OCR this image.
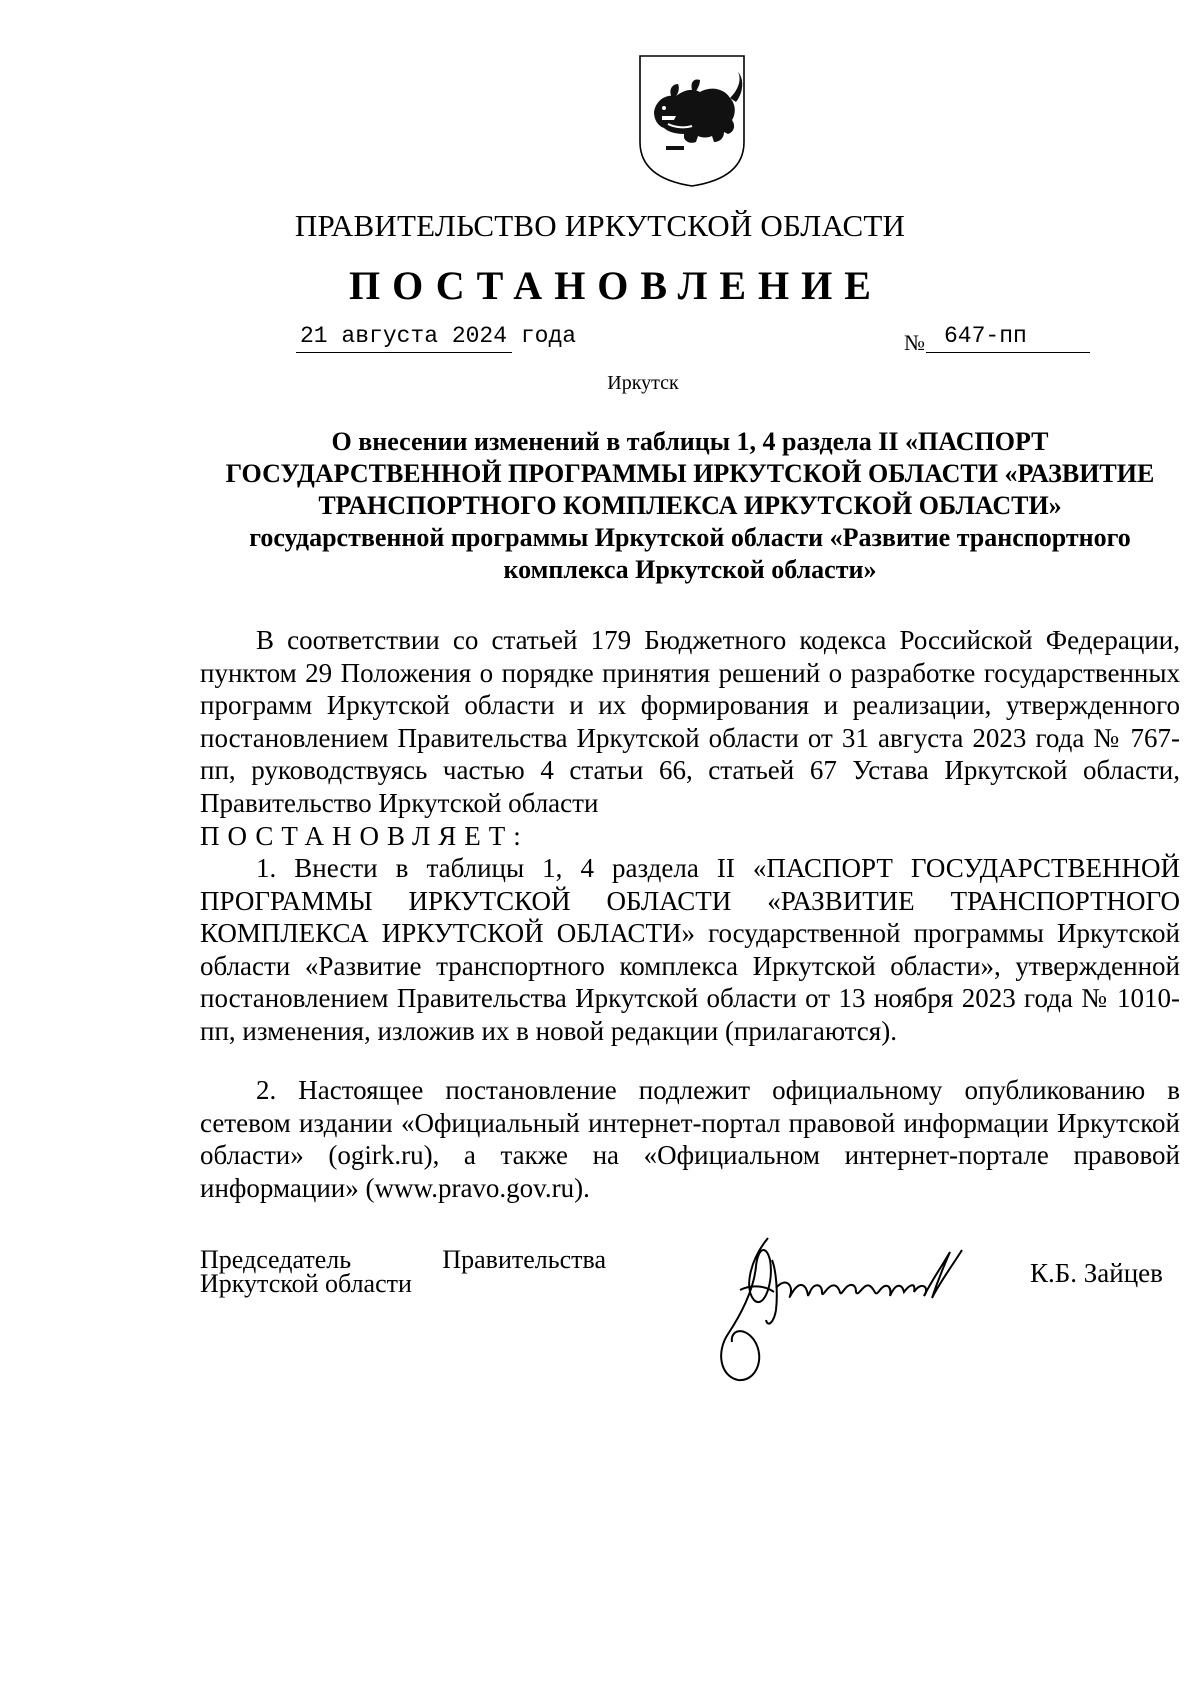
ПРАВИТЕЛЬСТВО ИРКУТСКОЙ ОБЛАСТИ
ПОСТАНОВЛЕНИЕ
21 августа 2024 года	№ 647-пп
Иркутск
О внесении изменений в таблицы 1, 4 раздела II «ПАСПОРТ ГОСУДАРСТВЕННОЙ ПРОГРАММЫ ИРКУТСКОЙ ОБЛАСТИ «РАЗВИТИЕ ТРАНСПОРТНОГО КОМПЛЕКСА ИРКУТСКОЙ ОБЛАСТИ» государственной программы Иркутской области «Развитие транспортного комплекса Иркутской области»
В соответствии со статьей 179 Бюджетного кодекса Российской Федерации, пунктом 29 Положения о порядке принятия решений о разработке государственных программ Иркутской области и их формирования и реализации, утвержденного постановлением Правительства Иркутской области от 31 августа 2023 года № 767-пп, руководствуясь частью 4 статьи 66, статьей 67 Устава Иркутской области, Правительство Иркутской области
ПОСТАНОВЛЯЕТ:
1. Внести в таблицы 1, 4 раздела II «ПАСПОРТ ГОСУДАРСТВЕННОЙ ПРОГРАММЫ ИРКУТСКОЙ ОБЛАСТИ «РАЗВИТИЕ ТРАНСПОРТНОГО КОМПЛЕКСА ИРКУТСКОЙ ОБЛАСТИ» государственной программы Иркутской области «Развитие транспортного комплекса Иркутской области», утвержденной постановлением Правительства Иркутской области от 13 ноября 2023 года № 1010-пп, изменения, изложив их в новой редакции (прилагаются).
2. Настоящее постановление подлежит официальному опубликованию в сетевом издании «Официальный интернет-портал правовой информации Иркутской области» (ogirk.ru), а также на «Официальном интернет-портале правовой информации» (www.pravo.gov.ru).
Председатель Правительства
Иркутской области	К.Б. Зайцев
